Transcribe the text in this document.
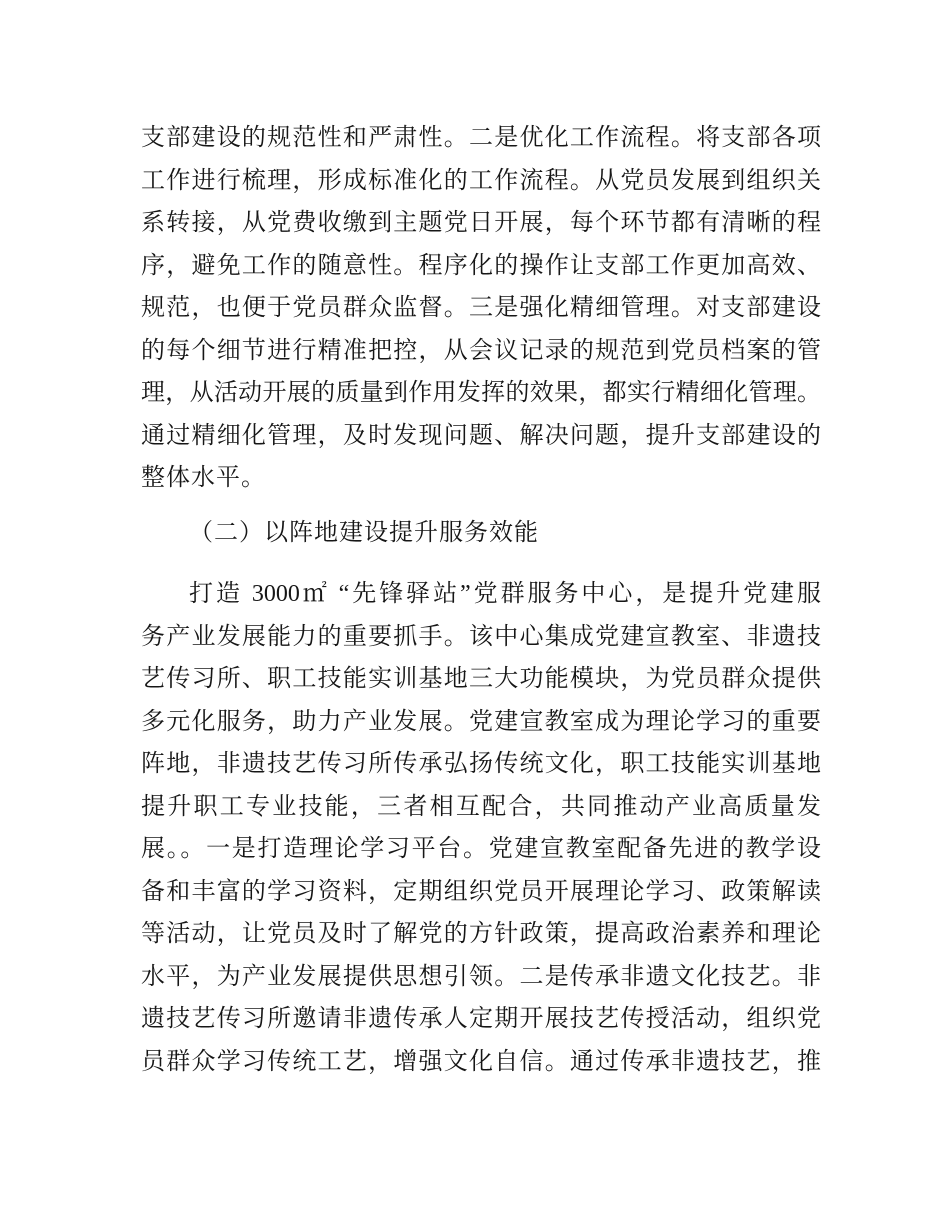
支部建设的规范性和严肃性。二是优化工作流程。将支部各项
工作进行梳理，形成标准化的工作流程。从党员发展到组织关
系转接，从党费收缴到主题党日开展，每个环节都有清晰的程
序，避免工作的随意性。程序化的操作让支部工作更加高效、
规范，也便于党员群众监督。三是强化精细管理。对支部建设
的每个细节进行精准把控，从会议记录的规范到党员档案的管
理，从活动开展的质量到作用发挥的效果，都实行精细化管理。
通过精细化管理，及时发现问题、解决问题，提升支部建设的
整体水平。
（二）以阵地建设提升服务效能
打造 3000㎡ “先锋驿站”党群服务中心，是提升党建服
务产业发展能力的重要抓手。该中心集成党建宣教室、非遗技
艺传习所、职工技能实训基地三大功能模块，为党员群众提供
多元化服务，助力产业发展。党建宣教室成为理论学习的重要
阵地，非遗技艺传习所传承弘扬传统文化，职工技能实训基地
提升职工专业技能，三者相互配合，共同推动产业高质量发
展。。一是打造理论学习平台。党建宣教室配备先进的教学设
备和丰富的学习资料，定期组织党员开展理论学习、政策解读
等活动，让党员及时了解党的方针政策，提高政治素养和理论
水平，为产业发展提供思想引领。二是传承非遗文化技艺。非
遗技艺传习所邀请非遗传承人定期开展技艺传授活动，组织党
员群众学习传统工艺，增强文化自信。通过传承非遗技艺，推
